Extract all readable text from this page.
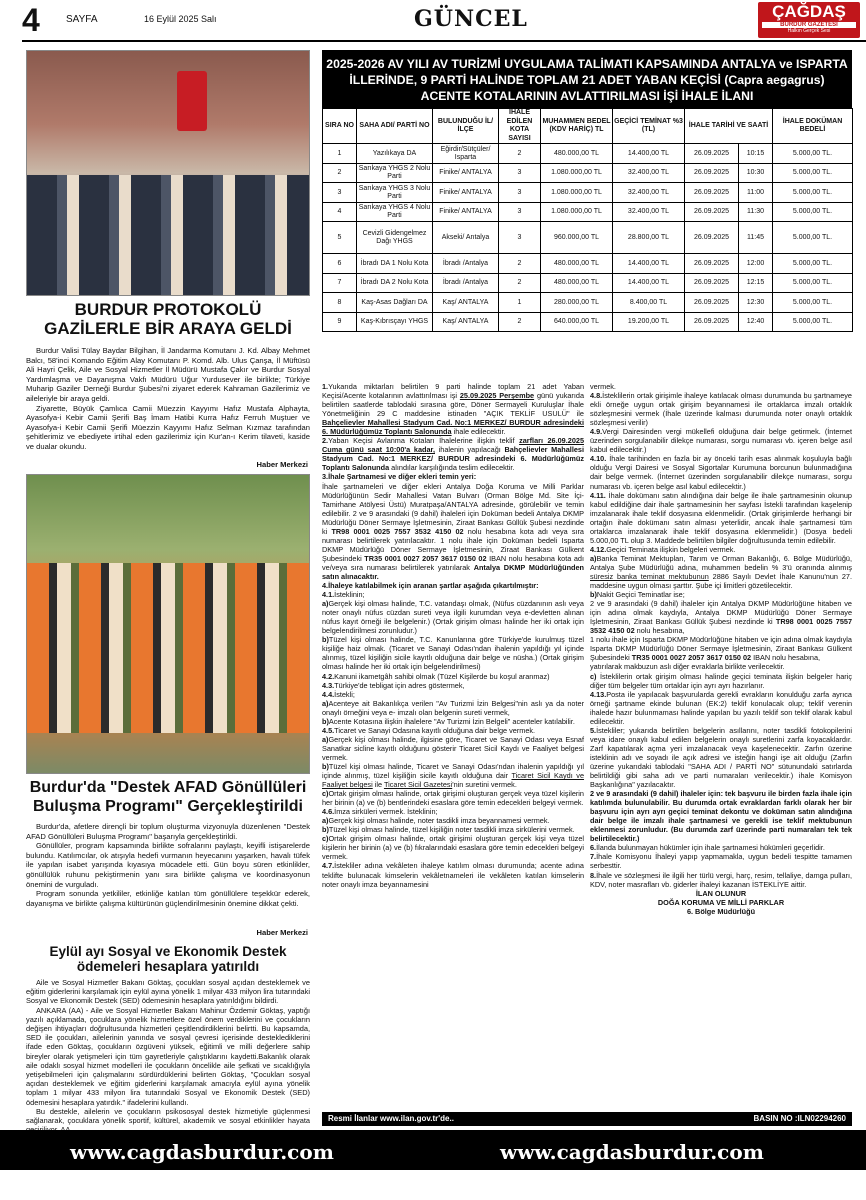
4	SAYFA	16 Eylül 2025 Salı	GÜNCEL	ÇAĞDAŞ
BURDUR GAZETESİ
Halkın Gerçek Sesi
BURDUR PROTOKOLÜ GAZİLERLE BİR ARAYA GELDİ

Burdur Valisi Tülay Baydar Bilgihan, İl Jandarma Komutanı J. Kd. Albay Mehmet Balcı, 58'inci Komando Eğitim Alay Komutanı P. Komd. Alb. Ulus Çanşa, İl Müftüsü Ali Hayri Çelik, Aile ve Sosyal Hizmetler İl Müdürü Mustafa Çakır ve Burdur Sosyal Yardımlaşma ve Dayanışma Vakfı Müdürü Uğur Yurdusever ile birlikte; Türkiye Muharip Gaziler Derneği Burdur Şubesi'ni ziyaret ederek Kahraman Gazilerimiz ve aileleriyle bir araya geldi.

Ziyarette, Büyük Çamlıca Camii Müezzin Kayyımı Hafız Mustafa Alphayta, Ayasofya-i Kebir Camii Şerifi Baş İmam Hatibi Kurra Hafız Ferruh Muştuer ve Ayasofya-i Kebir Camii Şerifi Müezzin Kayyımı Hafız Selman Kızmaz tarafından şehitlerimiz ve ebediyete irtihal eden gazilerimiz için Kur'an-ı Kerim tilaveti, kaside ve dualar okundu.

Haber Merkezi
Burdur'da "Destek AFAD Gönüllüleri Buluşma Programı" Gerçekleştirildi

Burdur'da, afetlere dirençli bir toplum oluşturma vizyonuyla düzenlenen "Destek AFAD Gönüllüleri Buluşma Programı" başarıyla gerçekleştirildi.

Gönüllüler, program kapsamında birlikte sofralarını paylaştı, keyifli istişarelerde bulundu. Katılımcılar, ok atışıyla hedefi vurmanın heyecanını yaşarken, havalı tüfek ile yapılan isabet yarışında kıyasıya mücadele etti. Gün boyu süren etkinlikler, gönüllülük ruhunu pekiştirmenin yanı sıra birlikte çalışma ve koordinasyonun önemini de vurguladı.

Program sonunda yetkililer, etkinliğe katılan tüm gönüllülere teşekkür ederek, dayanışma ve birlikte çalışma kültürünün güçlendirilmesinin önemine dikkat çekti.

Haber Merkezi
Eylül ayı Sosyal ve Ekonomik Destek ödemeleri hesaplara yatırıldı

Aile ve Sosyal Hizmetler Bakanı Göktaş, çocukları sosyal açıdan desteklemek ve eğitim giderlerini karşılamak için eylül ayına yönelik 1 milyar 433 milyon lira tutarındaki Sosyal ve Ekonomik Destek (SED) ödemesinin hesaplara yatırıldığını bildirdi.

ANKARA (AA) - Aile ve Sosyal Hizmetler Bakanı Mahinur Özdemir Göktaş, yaptığı yazılı açıklamada, çocuklara yönelik hizmetlere özel önem verdiklerini ve çocukların değişen ihtiyaçları doğrultusunda hizmetleri çeşitlendirdiklerini belirtti. Bu kapsamda, SED ile çocukları, ailelerinin yanında ve sosyal çevresi içerisinde desteklediklerini ifade eden Göktaş, çocukların özgüveni yüksek, eğitimli ve milli değerlere sahip bireyler olarak yetişmeleri için tüm gayretleriyle çalıştıklarını kaydetti.Bakanlık olarak aile odaklı sosyal hizmet modelleri ile çocukların öncelikle aile şefkati ve sıcaklığıyla yetişebilmeleri için çalışmalarını sürdürdüklerini belirten Göktaş, "Çocukları sosyal açıdan desteklemek ve eğitim giderlerini karşılamak amacıyla eylül ayına yönelik toplam 1 milyar 433 milyon lira tutarındaki Sosyal ve Ekonomik Destek (SED) ödemesini hesaplara yatırdık." ifadelerini kullandı.

Bu destekle, ailelerin ve çocukların psikososyal destek hizmetiyle güçlenmesi sağlanarak, çocuklara yönelik sportif, kültürel, akademik ve sosyal etkinlikler hayata

2025-2026 AV YILI AV TURİZMİ UYGULAMA TALİMATI KAPSAMINDA ANTALYA ve ISPARTA İLLERİNDE, 9 PARTİ HALİNDE TOPLAM 21 ADET YABAN KEÇİSİ (Capra aegagrus) ACENTE KOTALARININ AVLATTIRILMASI İŞİ İHALE İLANI
SIRA NO	SAHA ADI/ PARTİ NO	BULUNDUĞU İL/İLÇE	İHALE EDİLEN KOTA SAYISI	MUHAMMEN BEDEL (KDV HARİÇ) TL	GEÇİCİ TEMİNAT %3 (TL)	İHALE TARİHİ VE SAATİ		İHALE DOKÜMAN BEDELİ
1	Yazılıkaya DA	Eğirdir/Sütçüler/ Isparta	2	480.000,00 TL	14.400,00 TL	26.09.2025	10:15	5.000,00 TL.
2	Sarıkaya YHGS 2 Nolu Parti	Finike/ ANTALYA	3	1.080.000,00 TL	32.400,00 TL	26.09.2025	10:30	5.000,00 TL.
3	Sarıkaya YHGS 3 Nolu Parti	Finike/ ANTALYA	3	1.080.000,00 TL	32.400,00 TL	26.09.2025	11:00	5.000,00 TL.
4	Sarıkaya YHGS 4 Nolu Parti	Finike/ ANTALYA	3	1.080.000,00 TL	32.400,00 TL	26.09.2025	11:30	5.000,00 TL.
5	Cevizli Gidengelmez Dağı YHGS	Akseki/ Antalya	3	960.000,00 TL	28.800,00 TL	26.09.2025	11:45	5.000,00 TL.
6	İbradı DA 1 Nolu Kota	İbradı /Antalya	2	480.000,00 TL	14.400,00 TL	26.09.2025	12:00	5.000,00 TL.
7	İbradı DA 2 Nolu Kota	İbradı /Antalya	2	480.000,00 TL	14.400,00 TL	26.09.2025	12:15	5.000,00 TL.
8	Kaş-Asas Dağları DA	Kaş/ ANTALYA	1	280.000,00 TL	8.400,00 TL	26.09.2025	12:30	5.000,00 TL.
9	Kaş-Kıbrısçayı YHGS	Kaş/ ANTALYA	2	640.000,00 TL	19.200,00 TL	26.09.2025	12:40	5.000,00 TL.
1.Yukarıda miktarları belirtilen 9 parti halinde toplam 21 adet Yaban Keçisi/Acente kotalarının avlattırılması işi 25.09.2025 Perşembe günü yukarıda belirtilen saatlerde tablodaki sırasına göre, Döner Sermayeli Kuruluşlar İhale Yönetmeliğinin 29 C maddesine istinaden "AÇIK TEKLİF USULÜ" ile Bahçelievler Mahallesi Stadyum Cad. No:1 MERKEZ/ BURDUR adresindeki 6. Müdürlüğümüz Toplantı Salonunda ihale edilecektir.
2.Yaban Keçisi Avlanma Kotaları İhalelerine ilişkin teklif zarfları 26.09.2025 Cuma günü saat 10:00'a kadar, ihalenin yapılacağı Bahçelievler Mahallesi Stadyum Cad. No:1 MERKEZ/ BURDUR adresindeki 6. Müdürlüğümüz Toplantı Salonunda alındılar karşılığında teslim edilecektir.
3.İhale Şartnamesi ve diğer ekleri temin yeri:
İhale şartnameleri ve diğer ekleri Antalya Doğa Koruma ve Milli Parklar Müdürlüğünün Sedir Mahallesi Vatan Bulvarı (Orman Bölge Md. Site İçi-Tamirhane Atölyesi Üstü) Muratpaşa/ANTALYA adresinde, görülebilir ve temin edilebilir. 2 ve 9 arasındaki (9 dahil) ihaleleri için Doküman bedeli Antalya DKMP Müdürlüğü Döner Sermaye İşletmesinin, Ziraat Bankası Güllük Şubesi nezdinde ki TR98 0001 0025 7557 3532 4150 02 nolu hesabına kota adı veya sıra numarası belirtilerek yatırılacaktır. 1 nolu ihale için Doküman bedeli Isparta DKMP Müdürlüğü Döner Sermaye İşletmesinin, Ziraat Bankası Gülkent Şubesindeki TR35 0001 0027 2057 3617 0150 02 IBAN nolu hesabına kota adı ve/veya sıra numarası belirtilerek yatırılarak Antalya DKMP Müdürlüğünden satın alınacaktır.
4.İhaleye katılabilmek için aranan şartlar aşağıda çıkartılmıştır:
4.1.İsteklinin;
a)Gerçek kişi olması halinde, T.C. vatandaşı olmak, (Nüfus cüzdanının aslı veya noter onaylı nüfus cüzdan sureti veya ilgili kurumdan veya e-devletten alınan nüfus kayıt örneği ile belgelenir.) (Ortak girişim olması halinde her iki ortak için belgelendirilmesi zorunludur.)
b)Tüzel kişi olması halinde, T.C. Kanunlarına göre Türkiye'de kurulmuş tüzel kişiliğe haiz olmak. (Ticaret ve Sanayi Odası'ndan ihalenin yapıldığı yıl içinde alınmış, tüzel kişiliğin sicile kayıtlı olduğuna dair belge ve nüsha.) (Ortak girişim olması halinde her iki ortak için belgelendirilmesi)
4.2.Kanuni ikametgâh sahibi olmak (Tüzel Kişilerde bu koşul aranmaz)
4.3.Türkiye'de tebligat için adres göstermek,
4.4.İstekli;
a)Acenteye ait Bakanlıkça verilen "Av Turizmi İzin Belgesi"nin aslı ya da noter onaylı örneğini veya e- imzalı olan belgenin sureti vermek,
b)Acente Kotasına ilişkin ihalelere "Av Turizmi İzin Belgeli" acenteler katılabilir.
4.5.Ticaret ve Sanayi Odasına kayıtlı olduğuna dair belge vermek.
a)Gerçek kişi olması halinde, ilgisine göre, Ticaret ve Sanayi Odası veya Esnaf Sanatkar sicline kayıtlı olduğunu gösterir Ticaret Sicil Kaydı ve Faaliyet belgesi vermek.
b)Tüzel kişi olması halinde, Ticaret ve Sanayi Odası'ndan ihalenin yapıldığı yıl içinde alınmış, tüzel kişiliğin sicile kayıtlı olduğuna dair Ticaret Sicil Kaydı ve Faaliyet belgesi ile Ticaret Sicil Gazetesi'nin suretini vermek.
c)Ortak girişim olması halinde, ortak girişimi oluşturan gerçek veya tüzel kişilerin her birinin (a) ve (b) bentlerindeki esaslara göre temin edecekleri belgeyi vermek.
4.6.İmza sirküleri vermek. İsteklinin;
a)Gerçek kişi olması halinde, noter tasdikli imza beyannamesi vermek.
b)Tüzel kişi olması halinde, tüzel kişiliğin noter tasdikli imza sirkülerini vermek.
c)Ortak girişim olması halinde, ortak girişimi oluşturan gerçek kişi veya tüzel kişilerin her birinin (a) ve (b) fıkralarındaki esaslara göre temin edecekleri belgeyi vermek.
4.7.İstekliler adına vekâleten ihaleye katılım olması durumunda; acente adına teklifte bulunacak kimselerin vekâletnameleri ile vekâleten katılan kimselerin noter onaylı imza beyannamesini
vermek.
4.8.İsteklilerin ortak girişimle ihaleye katılacak olması durumunda bu şartnameye ekli örneğe uygun ortak girişim beyannamesi ile ortaklarca imzalı ortaklık sözleşmesini vermek (İhale üzerinde kalması durumunda noter onaylı ortaklık sözleşmesi verilir)
4.9.Vergi Dairesinden vergi mükellefi olduğuna dair belge getirmek. (İnternet üzerinden sorgulanabilir dilekçe numarası, sorgu numarası vb. içeren belge asıl kabul edilecektir.)
4.10. İhale tarihinden en fazla bir ay önceki tarih esas alınmak koşuluyla bağlı olduğu Vergi Dairesi ve Sosyal Sigortalar Kurumuna borcunun bulunmadığına dair belge vermek. (İnternet üzerinden sorgulanabilir dilekçe numarası, sorgu numarası vb. içeren belge asıl kabul edilecektir.)
4.11. İhale dokümanı satın alındığına dair belge ile ihale şartnamesinin okunup kabul edildiğine dair ihale şartnamesinin her sayfası İstekli tarafından kaşelenip imzalanarak ihale teklif dosyasına eklenmelidir. (Ortak girişimlerde herhangi bir ortağın ihale dokümanı satın alması yeterlidir, ancak ihale şartnamesi tüm ortaklarca imzalanarak ihale teklif dosyasına eklenmelidir.) (Dosya bedeli 5.000,00 TL olup 3. Maddede belirtilen bilgiler doğrultusunda temin edilebilir.
4.12.Geçici Teminata ilişkin belgeleri vermek.
a)Banka Teminat Mektupları, Tarım ve Orman Bakanlığı, 6. Bölge Müdürlüğü, Antalya Şube Müdürlüğü adına, muhammen bedelin % 3'ü oranında alınmış süresiz banka teminat mektubunun 2886 Sayılı Devlet İhale Kanunu'nun 27. maddesine uygun olması şarttır. Şube içi limitleri gözetilecektir.
b)Nakit Geçici Teminatlar ise;
2 ve 9 arasındaki (9 dahil) ihaleler için Antalya DKMP Müdürlüğüne hitaben ve için adına olmak kaydıyla, Antalya DKMP Müdürlüğü Döner Sermaye İşletmesinin, Ziraat Bankası Güllük Şubesi nezdinde ki TR98 0001 0025 7557 3532 4150 02 nolu hesabına,
1 nolu ihale için Isparta DKMP Müdürlüğüne hitaben ve için adına olmak kaydıyla Isparta DKMP Müdürlüğü Döner Sermaye İşletmesinin, Ziraat Bankası Gülkent Şubesindeki TR35 0001 0027 2057 3617 0150 02 IBAN nolu hesabına,
yatırılarak makbuzun aslı diğer evraklarla birlikte verilecektir.
c) İsteklilerin ortak girişim olması halinde geçici teminata ilişkin belgeler hariç diğer tüm belgeler tüm ortaklar için ayrı ayrı hazırlanır.
4.13.Posta ile yapılacak başvurularda gerekli evrakların konulduğu zarfa ayrıca örneği şartname ekinde bulunan (EK:2) teklif konulacak olup; teklif verenin ihalede hazır bulunmaması halinde yapılan bu yazılı teklif son teklif olarak kabul edilecektir.
5.İstekliler; yukarıda belirtilen belgelerin asıllarını, noter tasdikli fotokopilerini veya idare onaylı kabul edilen belgelerin onaylı suretlerini zarfa koyacaklardır. Zarf kapatılarak açma yeri imzalanacak veya kaşelenecektir. Zarfın üzerine isteklinin adı ve soyadı ile açık adresi ve isteğin hangi işe ait olduğu (Zarfın üzerine yukarıdaki tablodaki "SAHA ADI / PARTİ NO" sütunundaki satırlarda belirtildiği gibi saha adı ve parti numaraları verilecektir.) ihale Komisyon Başkanlığına" yazılacaktır.
2 ve 9 arasındaki (9 dahil) ihaleler için: tek başvuru ile birden fazla ihale için katılımda bulunulabilir. Bu durumda ortak evraklardan farklı olarak her bir başvuru için ayrı ayrı geçici teminat dekontu ve doküman satın alındığına dair belge ile imzalı ihale şartnamesi ve gerekli ise teklif mektubunun eklenmesi zorunludur. (Bu durumda zarf üzerinde parti numaraları tek tek belirtilecektir.)
6.İlanda bulunmayan hükümler için ihale şartnamesi hükümleri geçerlidir.
7.İhale Komisyonu İhaleyi yapıp yapmamakla, uygun bedeli tespitte tamamen serbesttir.
8.İhale ve sözleşmesi ile ilgili her türlü vergi, harç, resim, tellaliye, damga pulları, KDV, noter masrafları vb. giderler ihaleyi kazanan İSTEKLİYE aittir.
İLAN OLUNUR
DOĞA KORUMA VE MİLLİ PARKLAR
6. Bölge Müdürlüğü
Resmi İlanlar www.ilan.gov.tr'de..	BASIN NO :ILN02294260
www.cagdasburdur.com	www.cagdasburdur.com
